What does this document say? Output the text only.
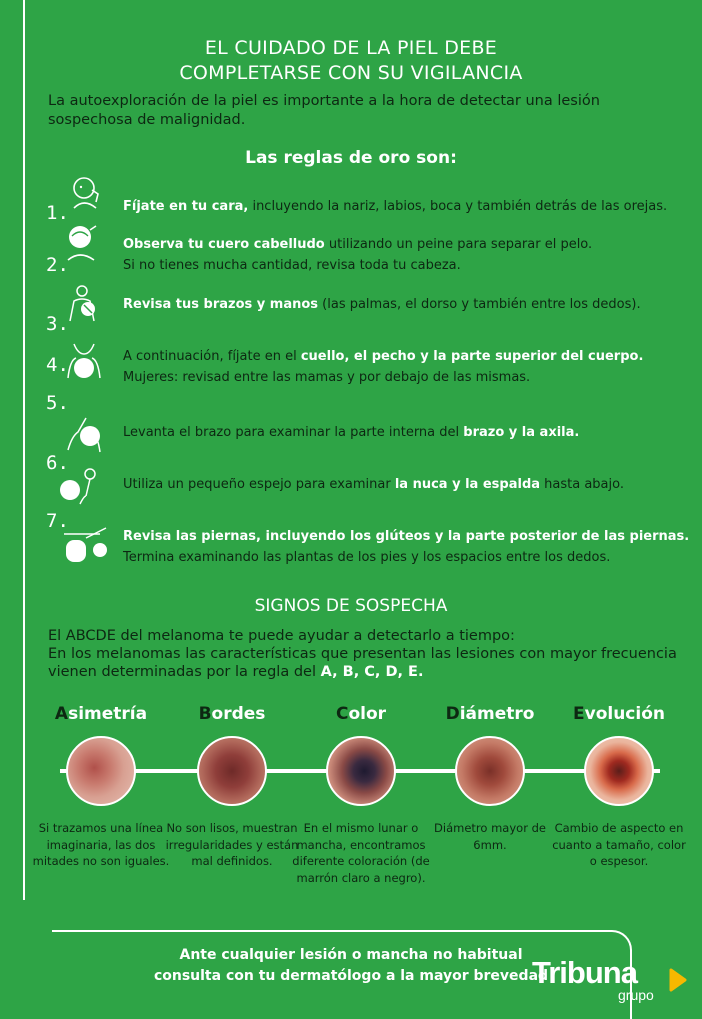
EL CUIDADO DE LA PIEL DEBE
COMPLETARSE CON SU VIGILANCIA
La autoexploración de la piel es importante a la hora de detectar una lesión sospechosa de malignidad.
Las reglas de oro son:
1.	Fíjate en tu cara, incluyendo la nariz, labios, boca y también detrás de las orejas.
2.
Observa tu cuero cabelludo utilizando un peine para separar el pelo.
Si no tienes mucha cantidad, revisa toda tu cabeza.
3.
Revisa tus brazos y manos (las palmas, el dorso y también entre los dedos).
4.	A continuación, fíjate en el cuello, el pecho y la parte superior del cuerpo.
Mujeres: revisad entre las mamas y por debajo de las mismas.
5.
Levanta el brazo para examinar la parte interna del brazo y la axila.
6.
Utiliza un pequeño espejo para examinar la nuca y la espalda hasta abajo.
7.
Revisa las piernas, incluyendo los glúteos y la parte posterior de las piernas.
Termina examinando las plantas de los pies y los espacios entre los dedos.
SIGNOS DE SOSPECHA
El ABCDE del melanoma te puede ayudar a detectarlo a tiempo:
En los melanomas las características que presentan las lesiones con mayor frecuencia vienen determinadas por la regla del A, B, C, D, E.
Asimetría
Si trazamos una línea imaginaria, las dos mitades no son iguales.
Bordes
No son lisos, muestran irregularidades y están mal definidos.
Color
En el mismo lunar o mancha, encontramos diferente coloración (de marrón claro a negro).
Diámetro
Diámetro mayor de 6mm.
Evolución
Cambio de aspecto en cuanto a tamaño, color o espesor.
Ante cualquier lesión o mancha no habitual
consulta con tu dermatólogo a la mayor brevedad
Tribuna
grupo
